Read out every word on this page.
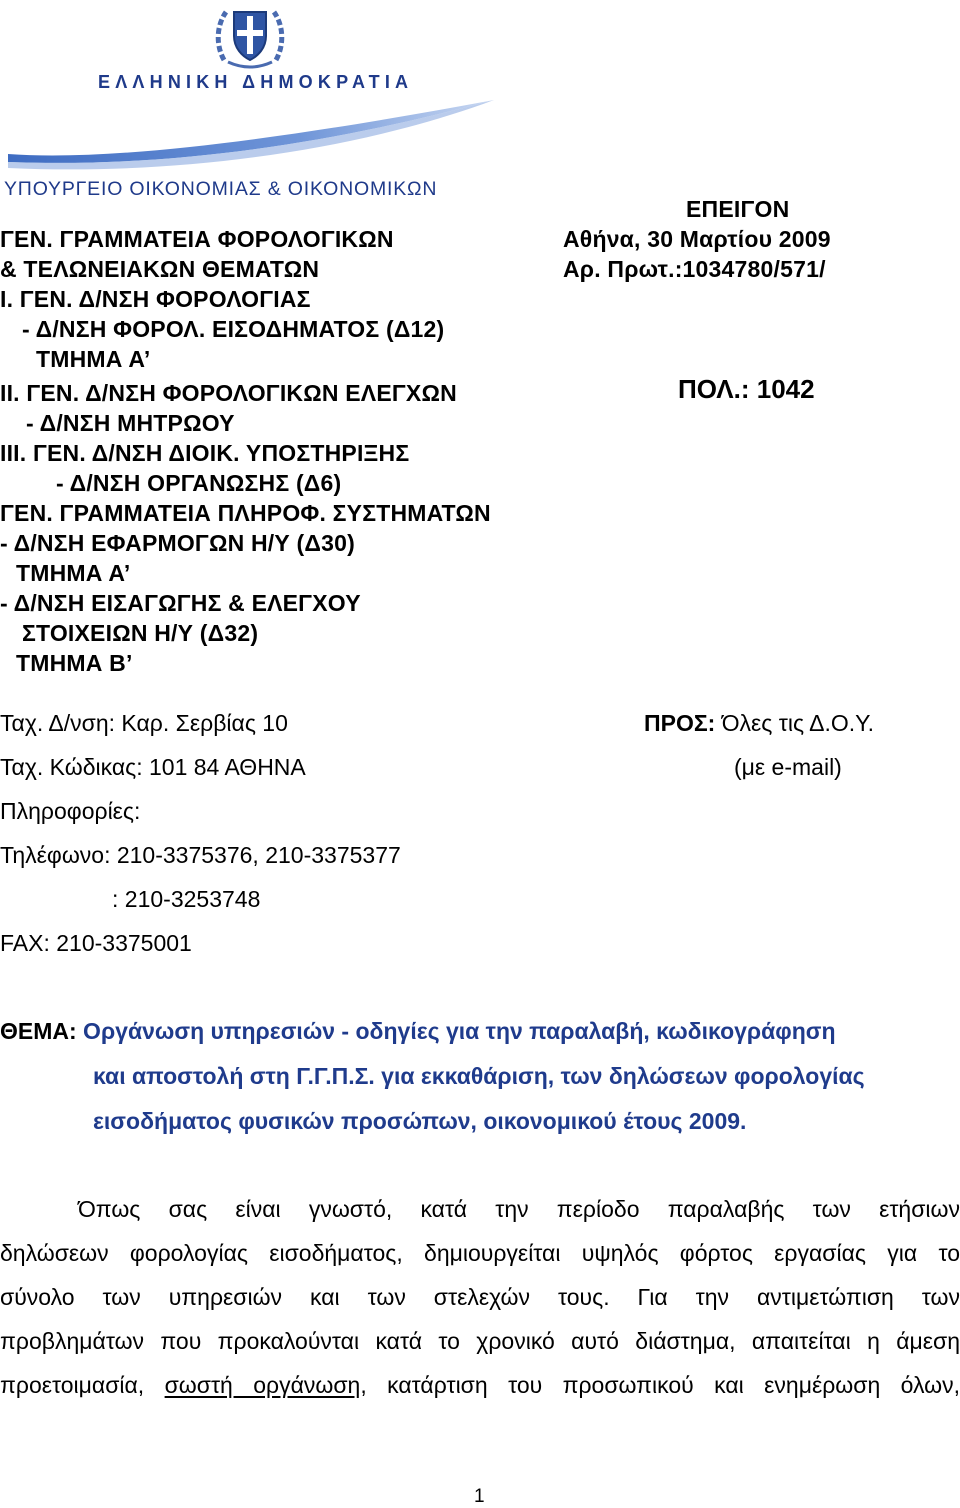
ΕΛΛΗΝΙΚΗ ΔΗΜΟΚΡΑΤΙΑ
ΥΠΟΥΡΓΕΙΟ ΟΙΚΟΝΟΜΙΑΣ & ΟΙΚΟΝΟΜΙΚΩΝ
ΕΠΕΙΓΟΝ
Αθήνα, 30 Μαρτίου 2009
Αρ. Πρωτ.:1034780/571/
ΠΟΛ.: 1042
ΓΕΝ. ΓΡΑΜΜΑΤΕΙΑ ΦΟΡΟΛΟΓΙΚΩΝ
& ΤΕΛΩΝΕΙΑΚΩΝ ΘΕΜΑΤΩΝ
Ι. ΓΕΝ. Δ/ΝΣΗ ΦΟΡΟΛΟΓΙΑΣ
- Δ/ΝΣΗ ΦΟΡΟΛ. ΕΙΣΟΔΗΜΑΤΟΣ (Δ12)
ΤΜΗΜΑ Α’
ΙΙ. ΓΕΝ. Δ/ΝΣΗ ΦΟΡΟΛΟΓΙΚΩΝ ΕΛΕΓΧΩΝ
- Δ/ΝΣΗ ΜΗΤΡΩΟΥ
ΙΙΙ. ΓΕΝ. Δ/ΝΣΗ ΔΙΟΙΚ. ΥΠΟΣΤΗΡΙΞΗΣ
- Δ/ΝΣΗ ΟΡΓΑΝΩΣΗΣ (Δ6)
ΓΕΝ. ΓΡΑΜΜΑΤΕΙΑ ΠΛΗΡΟΦ. ΣΥΣΤΗΜΑΤΩΝ
- Δ/ΝΣΗ ΕΦΑΡΜΟΓΩΝ Η/Υ (Δ30)
ΤΜΗΜΑ Α’
- Δ/ΝΣΗ ΕΙΣΑΓΩΓΗΣ & ΕΛΕΓΧΟΥ
ΣΤΟΙΧΕΙΩΝ Η/Υ (Δ32)
ΤΜΗΜΑ Β’
Ταχ. Δ/νση: Καρ. Σερβίας 10
Ταχ. Κώδικας: 101 84 ΑΘΗΝΑ
Πληροφορίες:
Τηλέφωνο: 210-3375376, 210-3375377
: 210-3253748
FAX: 210-3375001
ΠΡΟΣ: Όλες τις Δ.Ο.Υ.
(με e-mail)
ΘΕΜΑ: Οργάνωση υπηρεσιών - οδηγίες για την παραλαβή, κωδικογράφηση
και αποστολή στη Γ.Γ.Π.Σ. για εκκαθάριση, των δηλώσεων φορολογίας
εισοδήματος φυσικών προσώπων, οικονομικού έτους 2009.
Όπως σας είναι γνωστό, κατά την περίοδο παραλαβής των ετήσιων
δηλώσεων φορολογίας εισοδήματος, δημιουργείται υψηλός φόρτος εργασίας για το
σύνολο των υπηρεσιών και των στελεχών τους. Για την αντιμετώπιση των
προβλημάτων που προκαλούνται κατά το χρονικό αυτό διάστημα, απαιτείται η άμεση
προετοιμασία, σωστή οργάνωση, κατάρτιση του προσωπικού και ενημέρωση όλων,
1
